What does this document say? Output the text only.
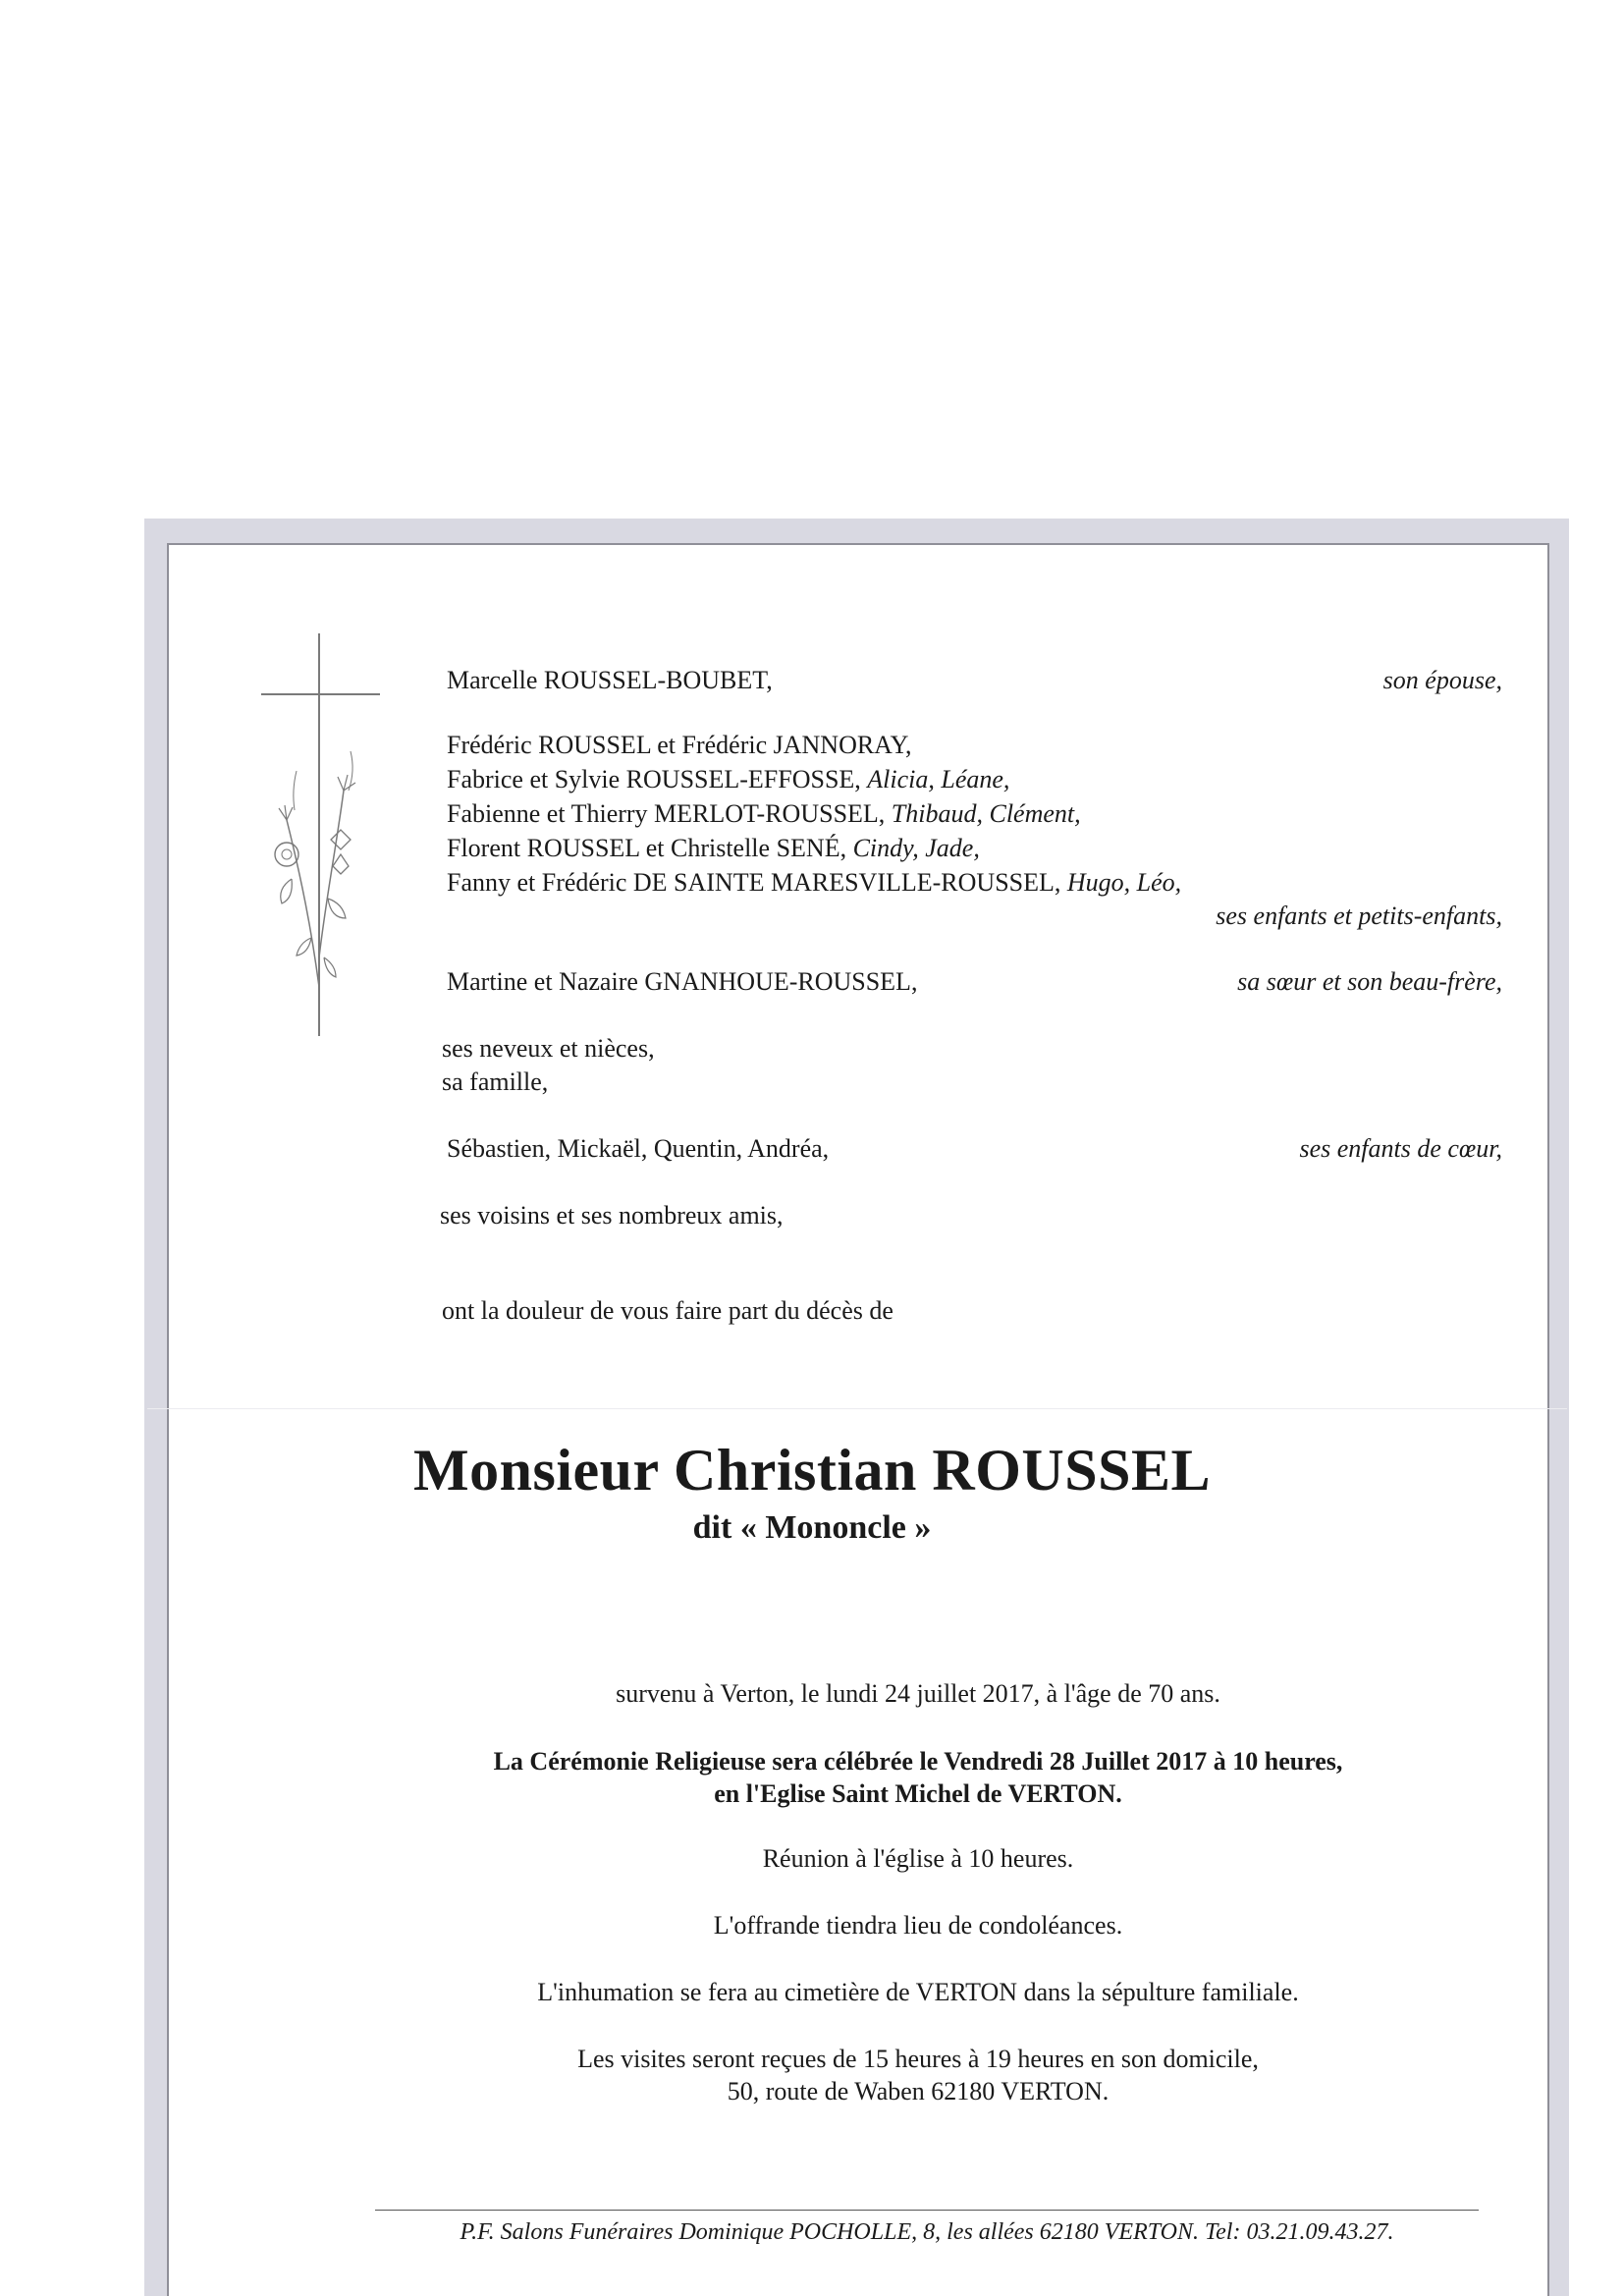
Marcelle ROUSSEL-BOUBET,	son épouse,
Frédéric ROUSSEL et Frédéric JANNORAY,
Fabrice et Sylvie ROUSSEL-EFFOSSE, Alicia, Léane,
Fabienne et Thierry MERLOT-ROUSSEL, Thibaud, Clément,
Florent ROUSSEL et Christelle SENÉ, Cindy, Jade,
Fanny et Frédéric DE SAINTE MARESVILLE-ROUSSEL, Hugo, Léo,
ses enfants et petits-enfants,
Martine et Nazaire GNANHOUE-ROUSSEL,	sa sœur et son beau-frère,
ses neveux et nièces,
sa famille,
Sébastien, Mickaël, Quentin, Andréa,	ses enfants de cœur,
ses voisins et ses nombreux amis,
ont la douleur de vous faire part du décès de
Monsieur Christian ROUSSEL
dit « Mononcle »
survenu à Verton, le lundi 24 juillet 2017, à l'âge de 70 ans.
La Cérémonie Religieuse sera célébrée le Vendredi 28 Juillet 2017 à 10 heures,
en l'Eglise Saint Michel de VERTON.
Réunion à l'église à 10 heures.
L'offrande tiendra lieu de condoléances.
L'inhumation se fera au cimetière de VERTON dans la sépulture familiale.
Les visites seront reçues de 15 heures à 19 heures en son domicile,
50, route de Waben 62180 VERTON.
P.F. Salons Funéraires Dominique POCHOLLE, 8, les allées 62180 VERTON. Tel: 03.21.09.43.27.
